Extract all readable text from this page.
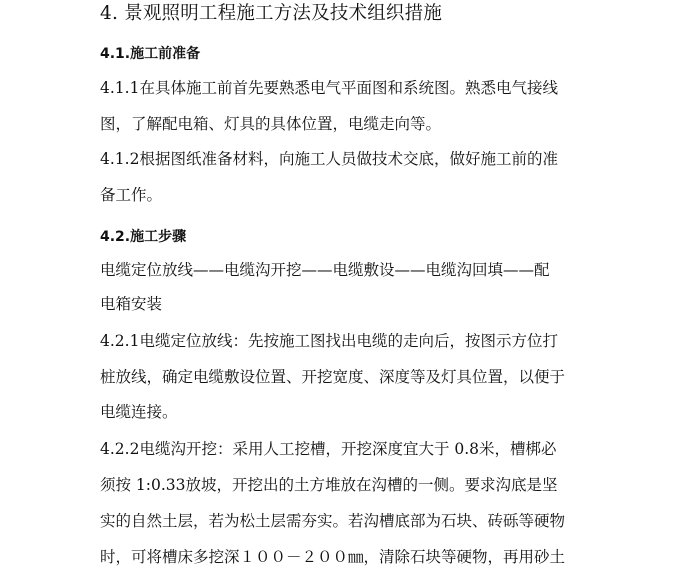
4. 景观照明工程施工方法及技术组织措施
4.1.施工前准备
4.1.1在具体施工前首先要熟悉电气平面图和系统图。熟悉电气接线
图，了解配电箱、灯具的具体位置，电缆走向等。
4.1.2根据图纸准备材料，向施工人员做技术交底，做好施工前的准
备工作。
4.2.施工步骤
电缆定位放线——电缆沟开挖——电缆敷设——电缆沟回填——配
电箱安装
4.2.1电缆定位放线：先按施工图找出电缆的走向后，按图示方位打
桩放线，确定电缆敷设位置、开挖宽度、深度等及灯具位置，以便于
电缆连接。
4.2.2电缆沟开挖：采用人工挖槽，开挖深度宜大于 0.8米，槽梆必
须按 1:0.33放坡，开挖出的土方堆放在沟槽的一侧。要求沟底是坚
实的自然土层，若为松土层需夯实。若沟槽底部为石块、砖砾等硬物
时，可将槽床多挖深１００－２００㎜，清除石块等硬物，再用砂土
